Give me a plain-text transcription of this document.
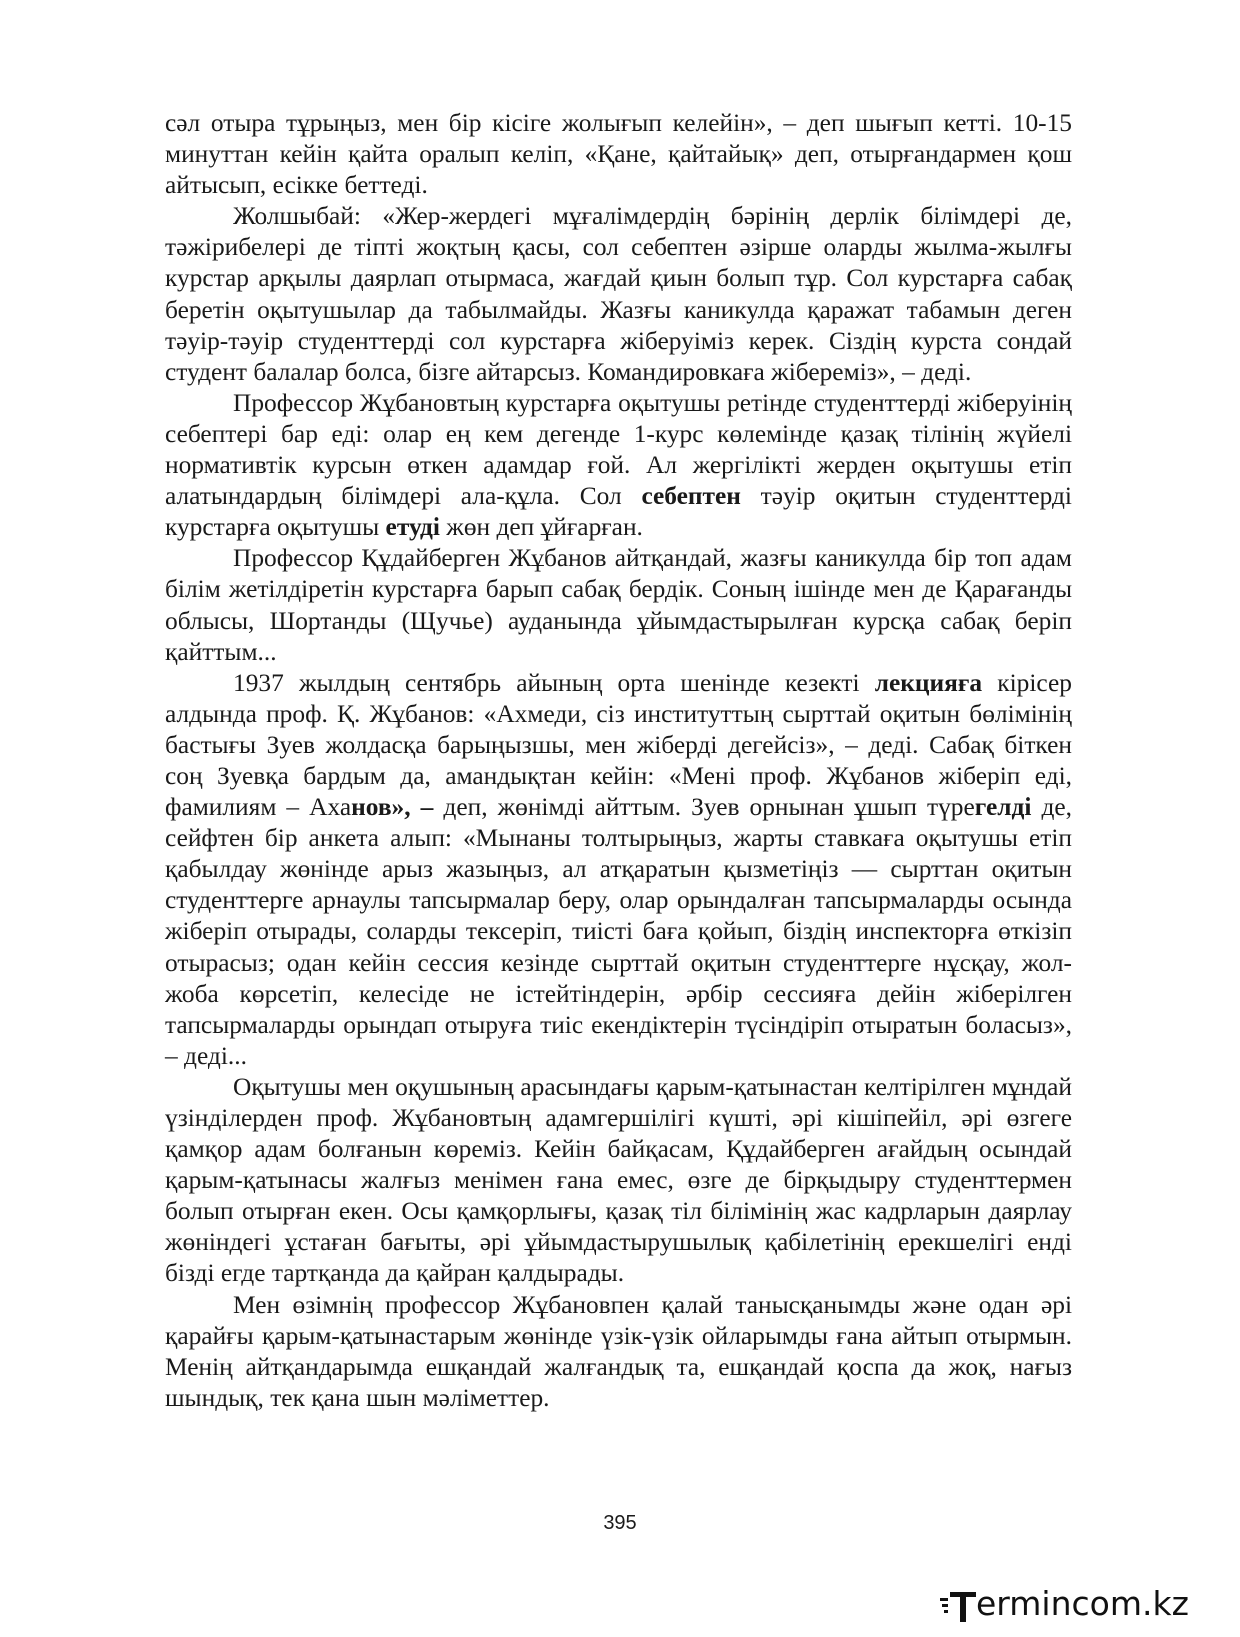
сәл отыра тұрыңыз, мен бір кісіге жолығып келейін», – деп шығып кетті. 10-15 минуттан кейін қайта оралып келіп, «Қане, қайтайық» деп, отырғандармен қош айтысып, есікке беттеді.

Жолшыбай: «Жер-жердегі мұғалімдердің бәрінің дерлік білімдері де, тәжірибелері де тіпті жоқтың қасы, сол себептен әзірше оларды жылма-жылғы курстар арқылы даярлап отырмаса, жағдай қиын болып тұр. Сол курстарға сабақ беретін оқытушылар да табылмайды. Жазғы каникулда қаражат табамын деген тәуір-тәуір студенттерді сол курстарға жіберуіміз керек. Сіздің курста сондай студент балалар болса, бізге айтарсыз. Командировкаға жібереміз», – деді.

Профессор Жұбановтың курстарға оқытушы ретінде студенттерді жіберуінің себептері бар еді: олар ең кем дегенде 1-курс көлемінде қазақ тілінің жүйелі нормативтік курсын өткен адамдар ғой. Ал жергілікті жерден оқытушы етіп алатындардың білімдері ала-құла. Сол себептен тәуір оқитын студенттерді курстарға оқытушы етуді жөн деп ұйғарған.

Профессор Құдайберген Жұбанов айтқандай, жазғы каникулда бір топ адам білім жетілдіретін курстарға барып сабақ бердік. Соның ішінде мен де Қарағанды облысы, Шортанды (Щучье) ауданында ұйымдастырылған курсқа сабақ беріп қайттым...

1937 жылдың сентябрь айының орта шенінде кезекті лекцияға кірісер алдында проф. Қ. Жұбанов: «Ахмеди, сіз институттың сырттай оқитын бөлімінің бастығы Зуев жолдасқа барыңызшы, мен жіберді дегейсіз», – деді. Сабақ біткен соң Зуевқа бардым да, амандықтан кейін: «Мені проф. Жұбанов жіберіп еді, фамилиям – Аханов», – деп, жөнімді айттым. Зуев орнынан ұшып түрегелді де, сейфтен бір анкета алып: «Мынаны толтырыңыз, жарты ставкаға оқытушы етіп қабылдау жөнінде арыз жазыңыз, ал атқаратын қызметіңіз — сырттан оқитын студенттерге арнаулы тапсырмалар беру, олар орындалған тапсырмаларды осында жіберіп отырады, соларды тексеріп, тиісті баға қойып, біздің инспекторға өткізіп отырасыз; одан кейін сессия кезінде сырттай оқитын студенттерге нұсқау, жол-жоба көрсетіп, келесіде не істейтіндерін, әрбір сессияға дейін жіберілген тапсырмаларды орындап отыруға тиіс екендіктерін түсіндіріп отыратын боласыз», – деді...

Оқытушы мен оқушының арасындағы қарым-қатынастан келтірілген мұндай үзінділерден проф. Жұбановтың адамгершілігі күшті, әрі кішіпейіл, әрі өзгеге қамқор адам болғанын көреміз. Кейін байқасам, Құдайберген ағайдың осындай қарым-қатынасы жалғыз менімен ғана емес, өзге де бірқыдыру студенттермен болып отырған екен. Осы қамқорлығы, қазақ тіл білімінің жас кадрларын даярлау жөніндегі ұстаған бағыты, әрі ұйымдастырушылық қабілетінің ерекшелігі енді бізді егде тартқанда да қайран қалдырады.

Мен өзімнің профессор Жұбановпен қалай танысқанымды және одан әрі қарайғы қарым-қатынастарым жөнінде үзік-үзік ойларымды ғана айтып отырмын. Менің айтқандарымда ешқандай жалғандық та, ешқандай қоспа да жоқ, нағыз шындық, тек қана шын мәліметтер.

395
ermincom.kz
